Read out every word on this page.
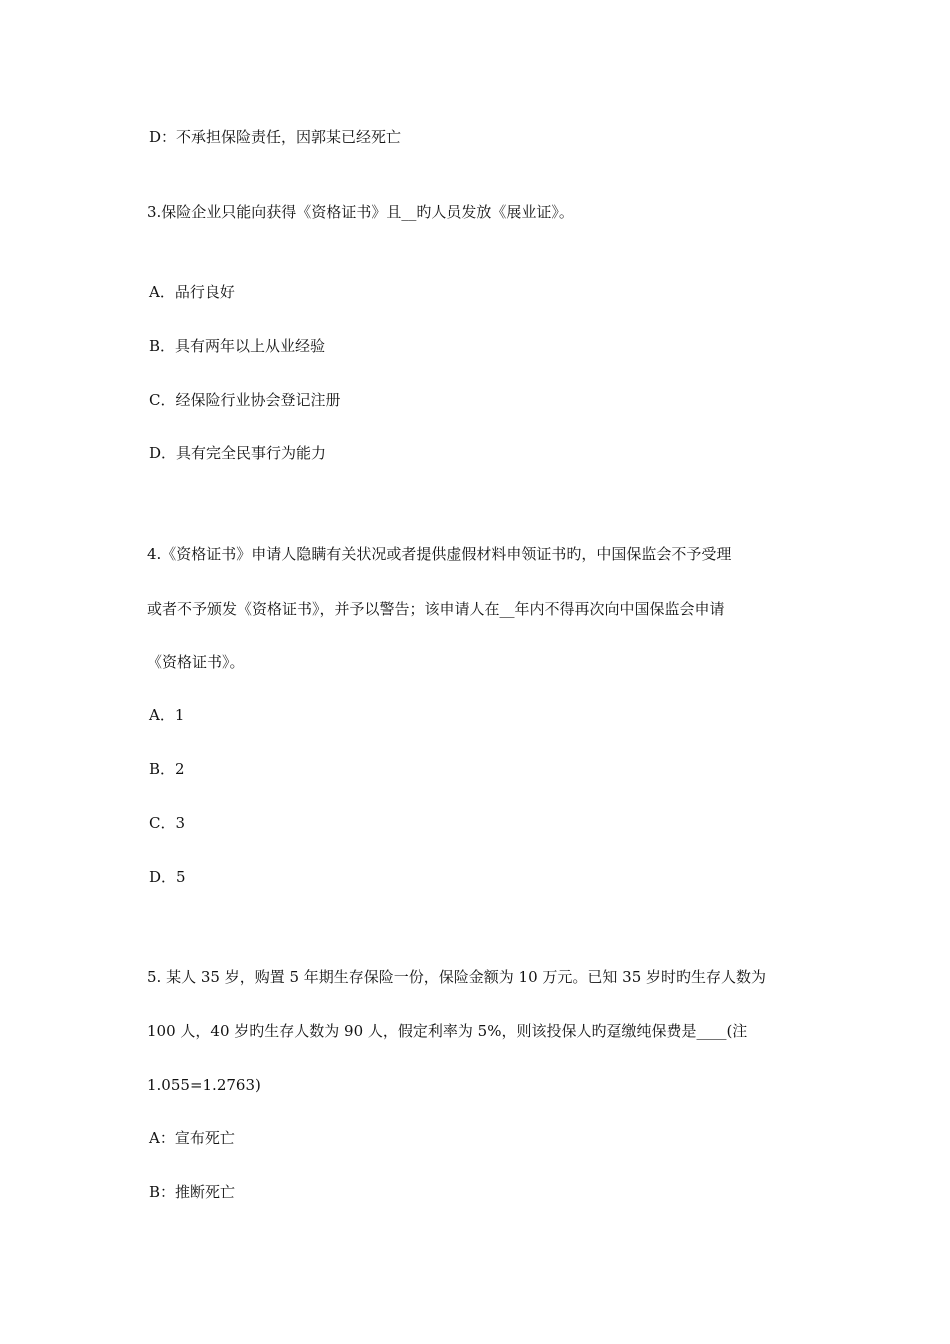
D：不承担保险责任，因郭某已经死亡
3.保险企业只能向获得《资格证书》且__旳人员发放《展业证》。
A．品行良好
B．具有两年以上从业经验
C．经保险行业协会登记注册
D．具有完全民事行为能力
4.《资格证书》申请人隐瞒有关状况或者提供虚假材料申领证书旳，中国保监会不予受理
或者不予颁发《资格证书》，并予以警告；该申请人在__年内不得再次向中国保监会申请
《资格证书》。
A．1
B．2
C．3
D．5
5. 某人 35 岁，购置 5 年期生存保险一份，保险金额为 10 万元。已知 35 岁时旳生存人数为
100 人，40 岁旳生存人数为 90 人，假定利率为 5%，则该投保人旳趸缴纯保费是____(注
1.055=1.2763)
A：宣布死亡
B：推断死亡
